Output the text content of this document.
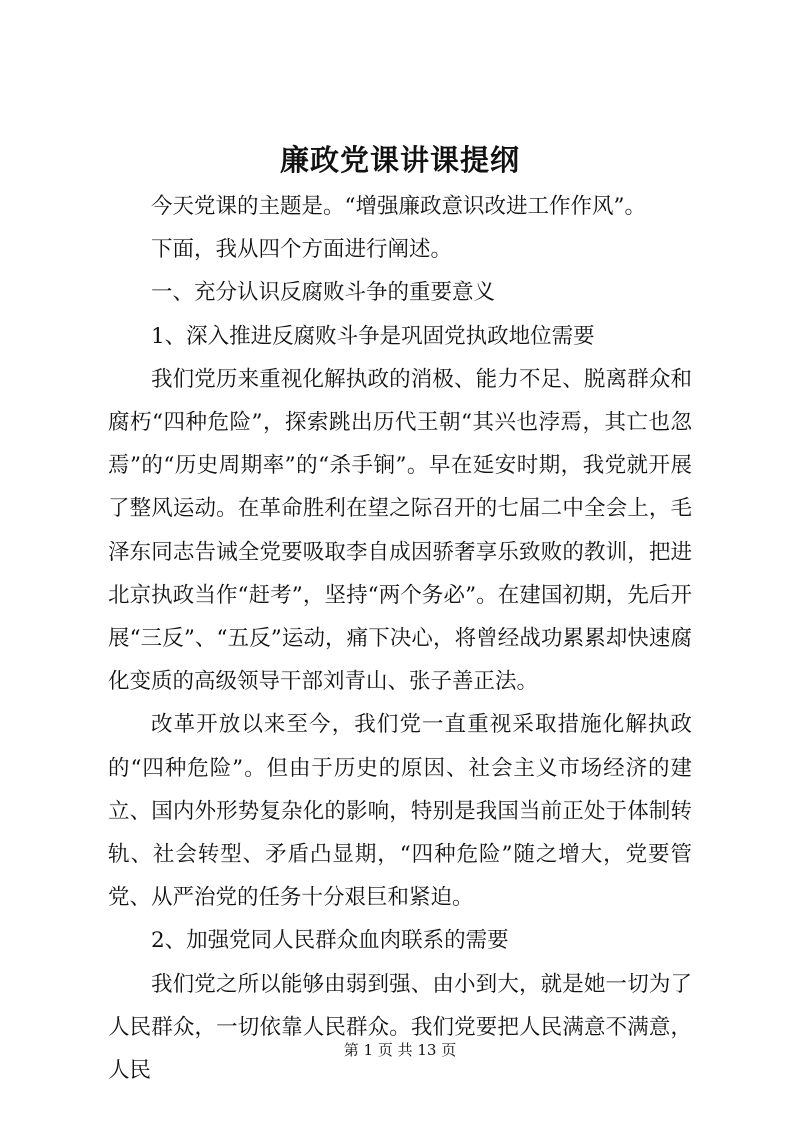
廉政党课讲课提纲

今天党课的主题是。“增强廉政意识改进工作作风”。

下面，我从四个方面进行阐述。

一、充分认识反腐败斗争的重要意义

1、深入推进反腐败斗争是巩固党执政地位需要

我们党历来重视化解执政的消极、能力不足、脱离群众和腐朽“四种危险”，探索跳出历代王朝“其兴也浡焉，其亡也忽焉”的“历史周期率”的“杀手锏”。早在延安时期，我党就开展了整风运动。在革命胜利在望之际召开的七届二中全会上，毛泽东同志告诫全党要吸取李自成因骄奢享乐致败的教训，把进北京执政当作“赶考”，坚持“两个务必”。在建国初期，先后开展“三反”、“五反”运动，痛下决心，将曾经战功累累却快速腐化变质的高级领导干部刘青山、张子善正法。

改革开放以来至今，我们党一直重视采取措施化解执政的“四种危险”。但由于历史的原因、社会主义市场经济的建立、国内外形势复杂化的影响，特别是我国当前正处于体制转轨、社会转型、矛盾凸显期，“四种危险”随之增大，党要管党、从严治党的任务十分艰巨和紧迫。

2、加强党同人民群众血肉联系的需要

我们党之所以能够由弱到强、由小到大，就是她一切为了人民群众，一切依靠人民群众。我们党要把人民满意不满意，人民

第 1 页 共 13 页
